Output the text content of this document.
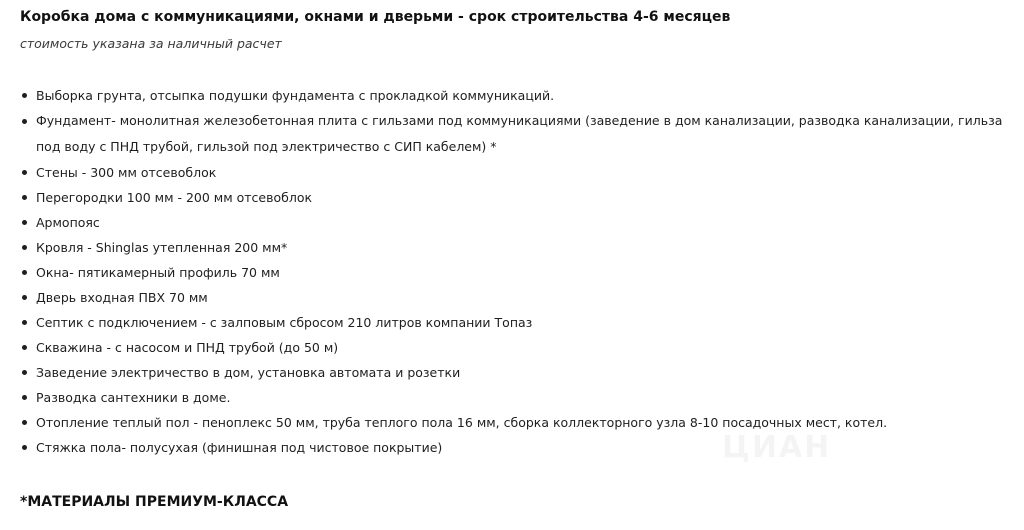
Коробка дома с коммуникациями, окнами и дверьми - срок строительства 4-6 месяцев
стоимость указана за наличный расчет
Выборка грунта, отсыпка подушки фундамента с прокладкой коммуникаций.
Фундамент- монолитная железобетонная плита с гильзами под коммуникациями (заведение в дом канализации, разводка канализации, гильза под воду с ПНД трубой, гильзой под электричество с СИП кабелем) *
Стены - 300 мм отсевоблок
Перегородки 100 мм - 200 мм отсевоблок
Армопояс
Кровля - Shinglas утепленная 200 мм*
Окна- пятикамерный профиль 70 мм
Дверь входная ПВХ 70 мм
Септик с подключением - с залповым сбросом 210 литров компании Топаз
Скважина - с насосом и ПНД трубой (до 50 м)
Заведение электричество в дом, установка автомата и розетки
Разводка сантехники в доме.
Отопление теплый пол - пеноплекс 50 мм, труба теплого пола 16 мм, сборка коллекторного узла 8-10 посадочных мест, котел.
Стяжка пола- полусухая (финишная под чистовое покрытие)
*МАТЕРИАЛЫ ПРЕМИУМ-КЛАССА
